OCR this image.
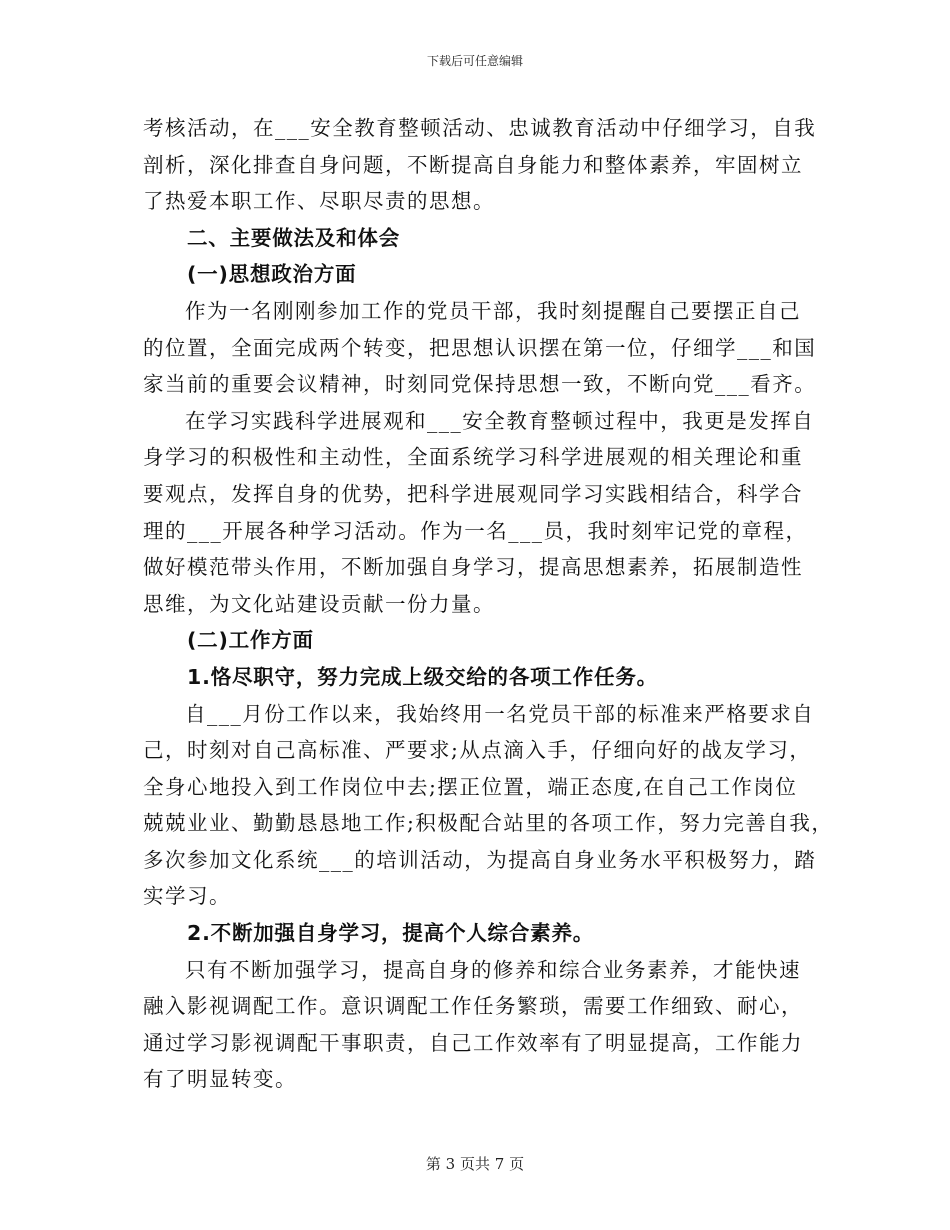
下载后可任意编辑
考核活动，在___安全教育整顿活动、忠诚教育活动中仔细学习，自我
剖析，深化排查自身问题，不断提高自身能力和整体素养，牢固树立
了热爱本职工作、尽职尽责的思想。
二、主要做法及和体会
(一)思想政治方面
作为一名刚刚参加工作的党员干部，我时刻提醒自己要摆正自己
的位置，全面完成两个转变，把思想认识摆在第一位，仔细学___和国
家当前的重要会议精神，时刻同党保持思想一致，不断向党___看齐。
在学习实践科学进展观和___安全教育整顿过程中，我更是发挥自
身学习的积极性和主动性，全面系统学习科学进展观的相关理论和重
要观点，发挥自身的优势，把科学进展观同学习实践相结合，科学合
理的___开展各种学习活动。作为一名___员，我时刻牢记党的章程，
做好模范带头作用，不断加强自身学习，提高思想素养，拓展制造性
思维，为文化站建设贡献一份力量。
(二)工作方面
1.恪尽职守，努力完成上级交给的各项工作任务。
自___月份工作以来，我始终用一名党员干部的标准来严格要求自
己，时刻对自己高标准、严要求;从点滴入手，仔细向好的战友学习，
全身心地投入到工作岗位中去;摆正位置，端正态度,在自己工作岗位
兢兢业业、勤勤恳恳地工作;积极配合站里的各项工作，努力完善自我，
多次参加文化系统___的培训活动，为提高自身业务水平积极努力，踏
实学习。
2.不断加强自身学习，提高个人综合素养。
只有不断加强学习，提高自身的修养和综合业务素养，才能快速
融入影视调配工作。意识调配工作任务繁琐，需要工作细致、耐心，
通过学习影视调配干事职责，自己工作效率有了明显提高，工作能力
有了明显转变。
第 3 页共 7 页
